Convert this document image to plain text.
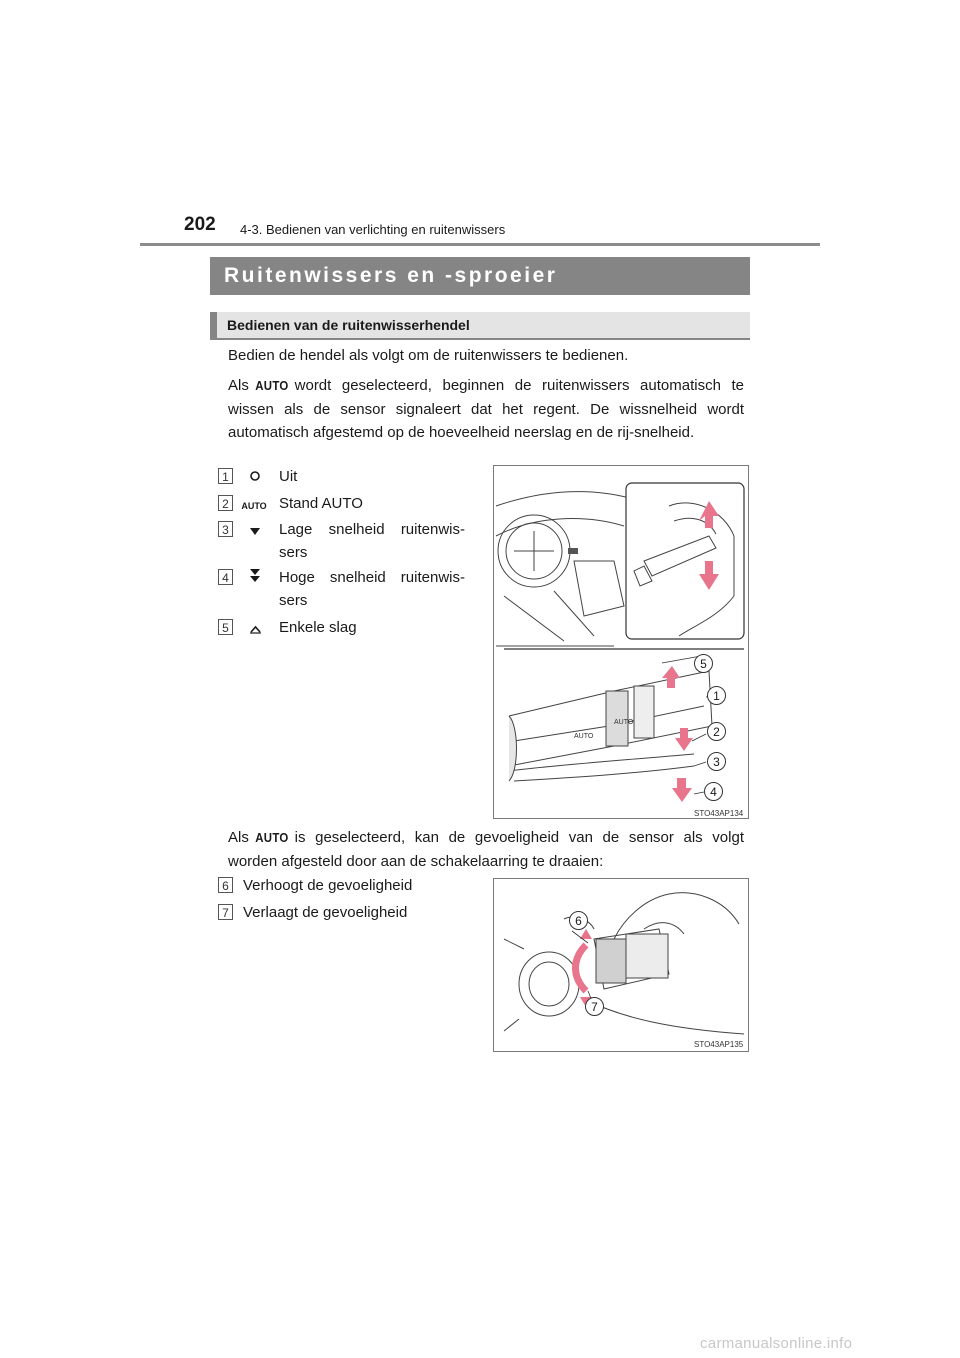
202 4-3. Bedienen van verlichting en ruitenwissers
Ruitenwissers en -sproeier
Bedienen van de ruitenwisserhendel
Bedien de hendel als volgt om de ruitenwissers te bedienen.
Als AUTO wordt geselecteerd, beginnen de ruitenwissers automatisch te wissen als de sensor signaleert dat het regent. De wissnelheid wordt automatisch afgestemd op de hoeveelheid neerslag en de rij-snelheid.
1	Uit
2	AUTO Stand AUTO
3	Lage snelheid ruitenwis-sers
4	Hoge snelheid ruitenwis-sers
5	Enkele slag
AUTO
AUTO
5
1
2
3
4
STO43AP134
Als AUTO is geselecteerd, kan de gevoeligheid van de sensor als volgt worden afgesteld door aan de schakelaarring te draaien:
6 Verhoogt de gevoeligheid
7 Verlaagt de gevoeligheid	6
7
STO43AP135
carmanualsonline.info
